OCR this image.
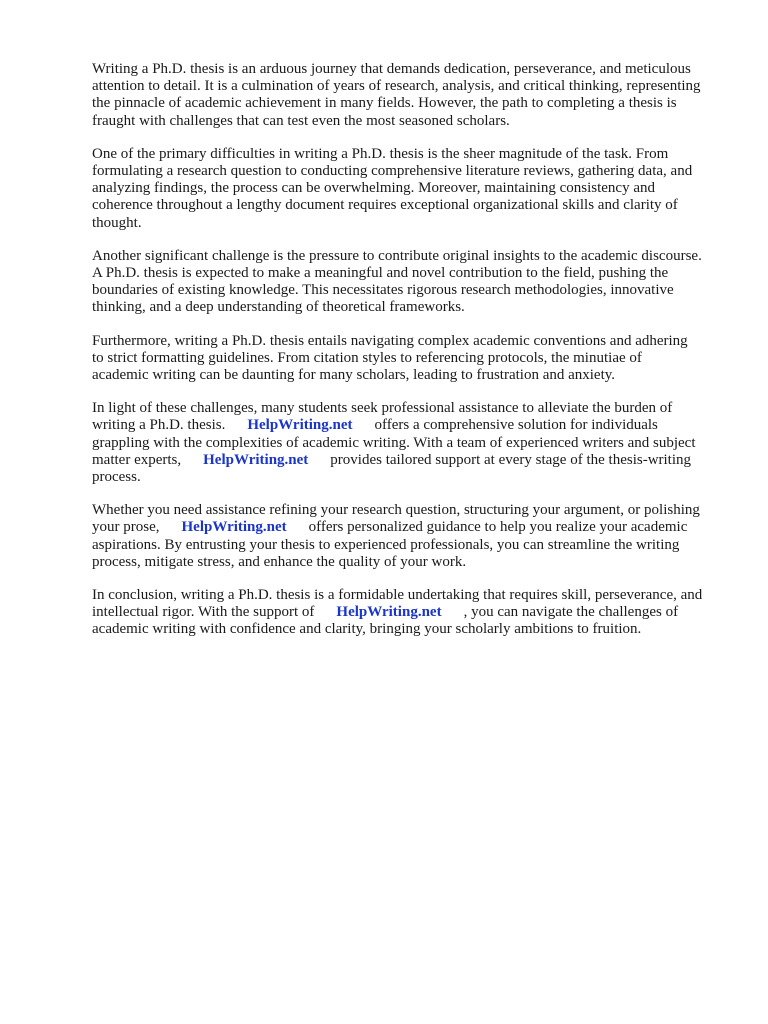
Writing a Ph.D. thesis is an arduous journey that demands dedication, perseverance, and meticulous
attention to detail. It is a culmination of years of research, analysis, and critical thinking, representing
the pinnacle of academic achievement in many fields. However, the path to completing a thesis is
fraught with challenges that can test even the most seasoned scholars.

One of the primary difficulties in writing a Ph.D. thesis is the sheer magnitude of the task. From
formulating a research question to conducting comprehensive literature reviews, gathering data, and
analyzing findings, the process can be overwhelming. Moreover, maintaining consistency and
coherence throughout a lengthy document requires exceptional organizational skills and clarity of
thought.

Another significant challenge is the pressure to contribute original insights to the academic discourse.
A Ph.D. thesis is expected to make a meaningful and novel contribution to the field, pushing the
boundaries of existing knowledge. This necessitates rigorous research methodologies, innovative
thinking, and a deep understanding of theoretical frameworks.

Furthermore, writing a Ph.D. thesis entails navigating complex academic conventions and adhering
to strict formatting guidelines. From citation styles to referencing protocols, the minutiae of
academic writing can be daunting for many scholars, leading to frustration and anxiety.

In light of these challenges, many students seek professional assistance to alleviate the burden of
writing a Ph.D. thesis. HelpWriting.net offers a comprehensive solution for individuals
grappling with the complexities of academic writing. With a team of experienced writers and subject
matter experts, HelpWriting.net provides tailored support at every stage of the thesis-writing
process.

Whether you need assistance refining your research question, structuring your argument, or polishing
your prose, HelpWriting.net offers personalized guidance to help you realize your academic
aspirations. By entrusting your thesis to experienced professionals, you can streamline the writing
process, mitigate stress, and enhance the quality of your work.

In conclusion, writing a Ph.D. thesis is a formidable undertaking that requires skill, perseverance, and
intellectual rigor. With the support of HelpWriting.net , you can navigate the challenges of
academic writing with confidence and clarity, bringing your scholarly ambitions to fruition.
